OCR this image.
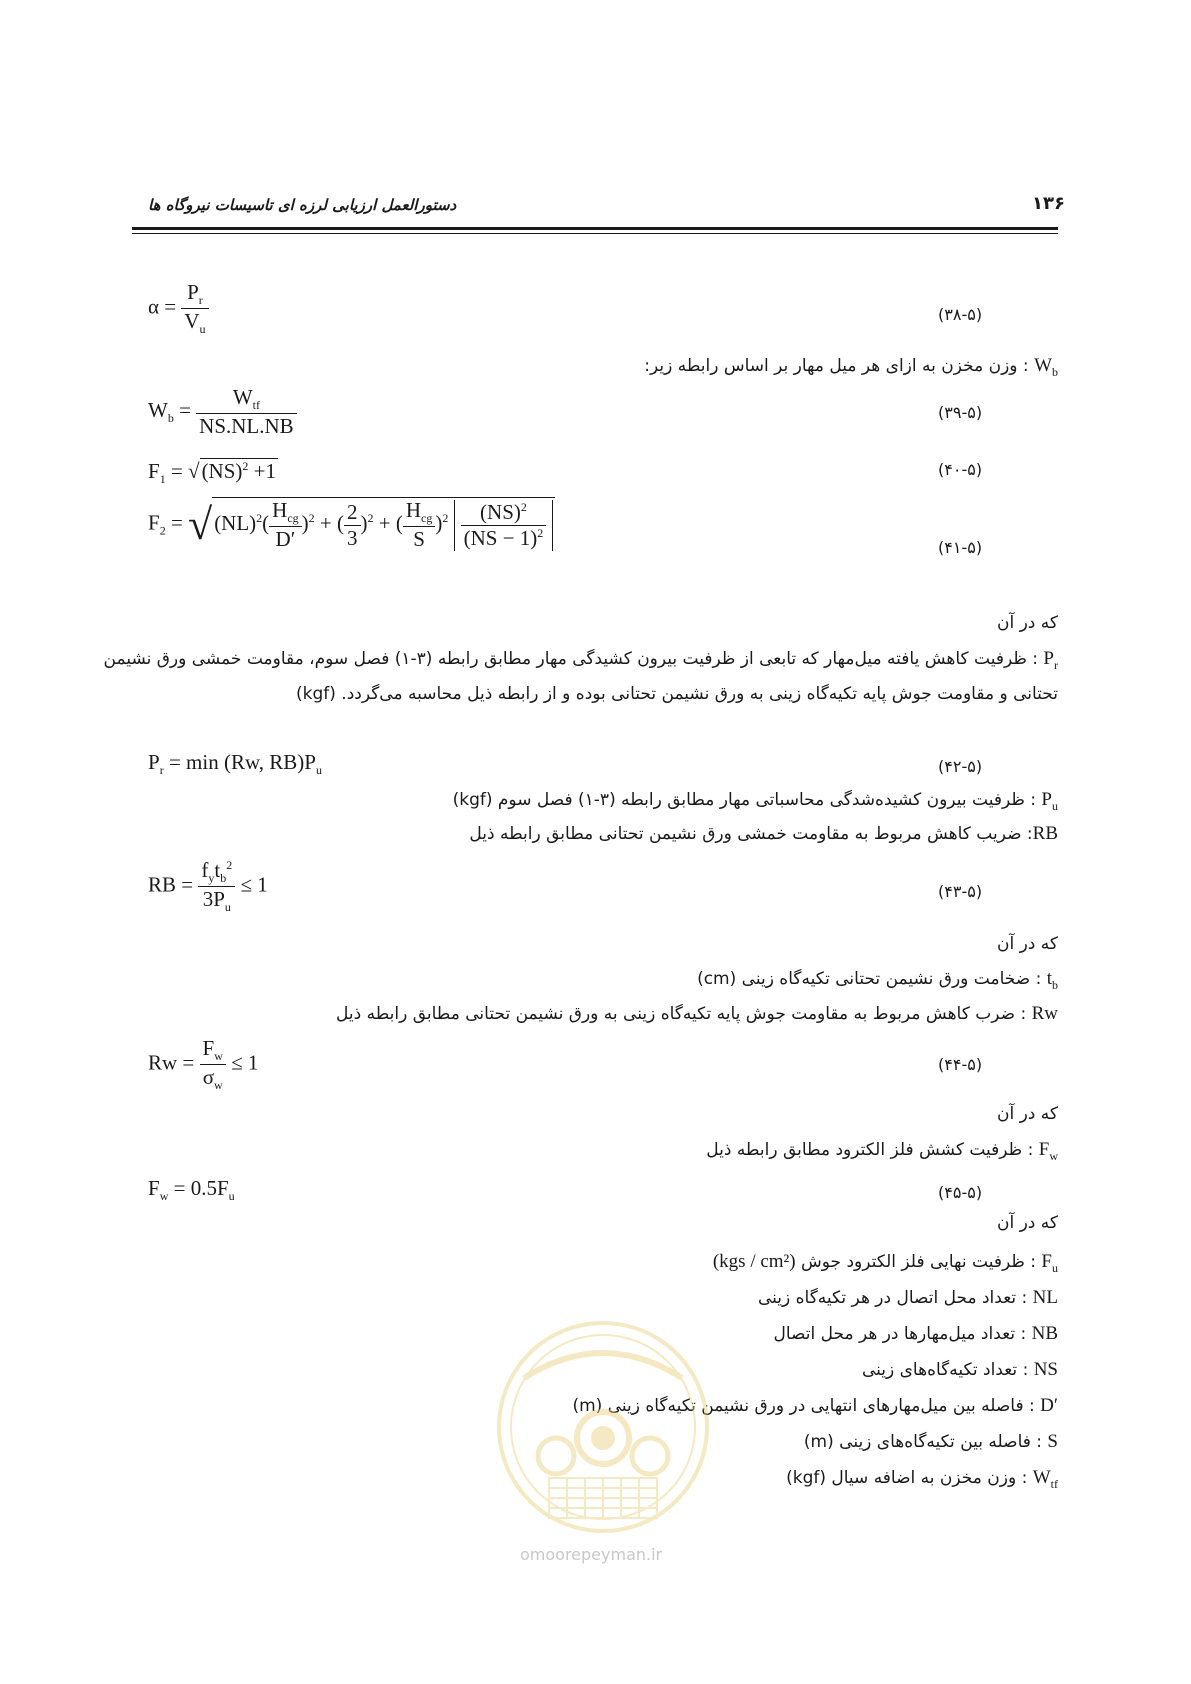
۱۳۶
دستورالعمل ارزیابی لرزه ای تاسیسات نیروگاه ها
$\alpha = \frac{P_r}{V_u}$	(۳۸-۵)
$W_b$ : وزن مخزن به ازای هر میل مهار بر اساس رابطه زیر:
$W_b = \frac{W_{tf}}{NS.NL.NB}$	(۳۹-۵)
$F_1 = √(NS)^2 +1$	(۴۰-۵)
$F_2 = √(NL)^2( \frac{H_{cg}}{D'} )^2$ + ( $\frac{2}{3} )^2$ + ( $\frac{H_{cg}}{S} )^2 \frac{(NS)^2}{(NS - 1)^2}$	(۴۱-۵)
که در آن
$P_r$ : ظرفیت کاهش یافته میل‌مهار که تابعی از ظرفیت بیرون کشیدگی مهار مطابق رابطه (۳-۱) فصل سوم، مقاومت خمشی ورق نشیمن
تحتانی و مقاومت جوش پایه تکیه‌گاه زینی به ورق نشیمن تحتانی بوده و از رابطه ذیل محاسبه می‌گردد. (kgf)
$P_r = \min (Rw$, $RB)P_u$	(۴۲-۵)
$P_u$ : ظرفیت بیرون کشیده‌شدگی محاسباتی مهار مطابق رابطه (۳-۱) فصل سوم (kgf)
RB: ضریب کاهش مربوط به مقاومت خمشی ورق نشیمن تحتانی مطابق رابطه ذیل
RB = $\frac{f_yt_b^2}{3P_u} \le 1$	(۴۳-۵)
که در آن
$t_b$ : ضخامت ورق نشیمن تحتانی تکیه‌گاه زینی (cm)
Rw : ضرب کاهش مربوط به مقاومت جوش پایه تکیه‌گاه زینی به ورق نشیمن تحتانی مطابق رابطه ذیل
$Rw = \frac{F_w}{\sigma_w} \le 1$	(۴۴-۵)
که در آن
$F_w$ : ظرفیت کشش فلز الکترود مطابق رابطه ذیل
$F_w = 0.5F_u$	(۴۵-۵)
که در آن
$F_u$ : ظرفیت نهایی فلز الکترود جوش (kgs / cm²)
NL : تعداد محل اتصال در هر تکیه‌گاه زینی
NB : تعداد میل‌مهارها در هر محل اتصال
NS : تعداد تکیه‌گاه‌های زینی
D′ : فاصله بین میل‌مهارهای انتهایی در ورق نشیمن تکیه‌گاه زینی (m)
S : فاصله بین تکیه‌گاه‌های زینی (m)
$W_{tf}$ : وزن مخزن به اضافه سیال (kgf)
omoorepeyman.ir
